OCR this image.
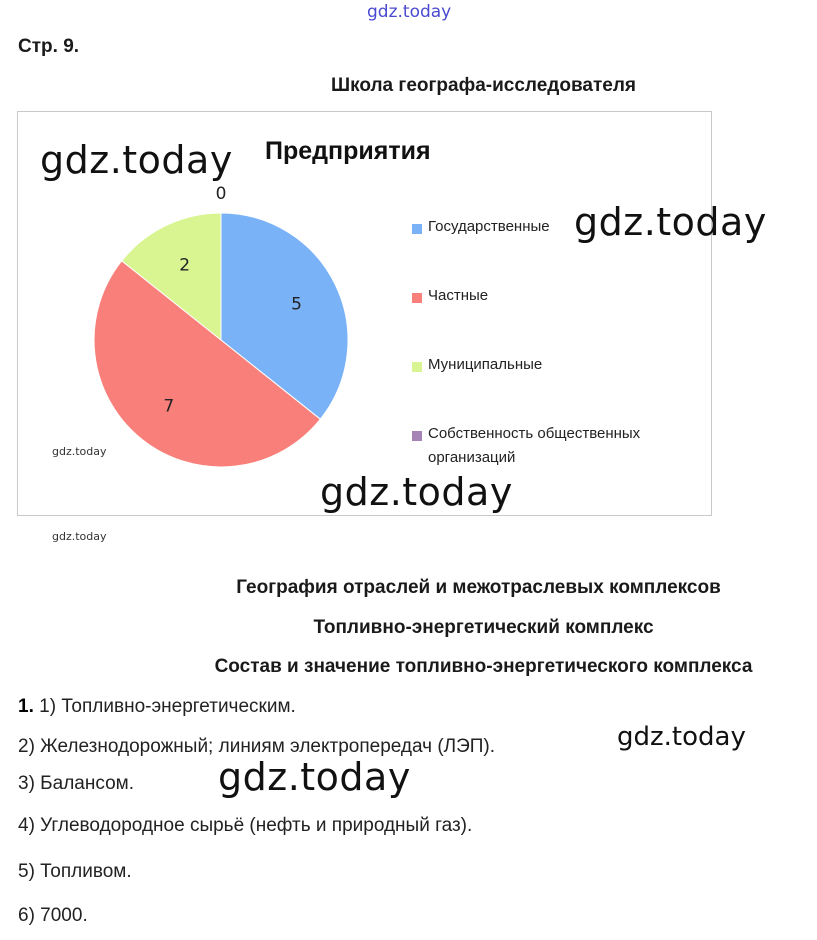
gdz.today
Стр. 9.
Школа географа-исследователя
Предприятия
5
7
2
0
Государственные
Частные
Муниципальные
Собственность общественных организаций
gdz.today
gdz.today
gdz.today
gdz.today
gdz.today
География отраслей и межотраслевых комплексов
Топливно-энергетический комплекс
Состав и значение топливно-энергетического комплекса
1. 1) Топливно-энергетическим.
2) Железнодорожный; линиям электропередач (ЛЭП).
3) Балансом.
4) Углеводородное сырьё (нефть и природный газ).
5) Топливом.
6) 7000.
gdz.today
gdz.today
